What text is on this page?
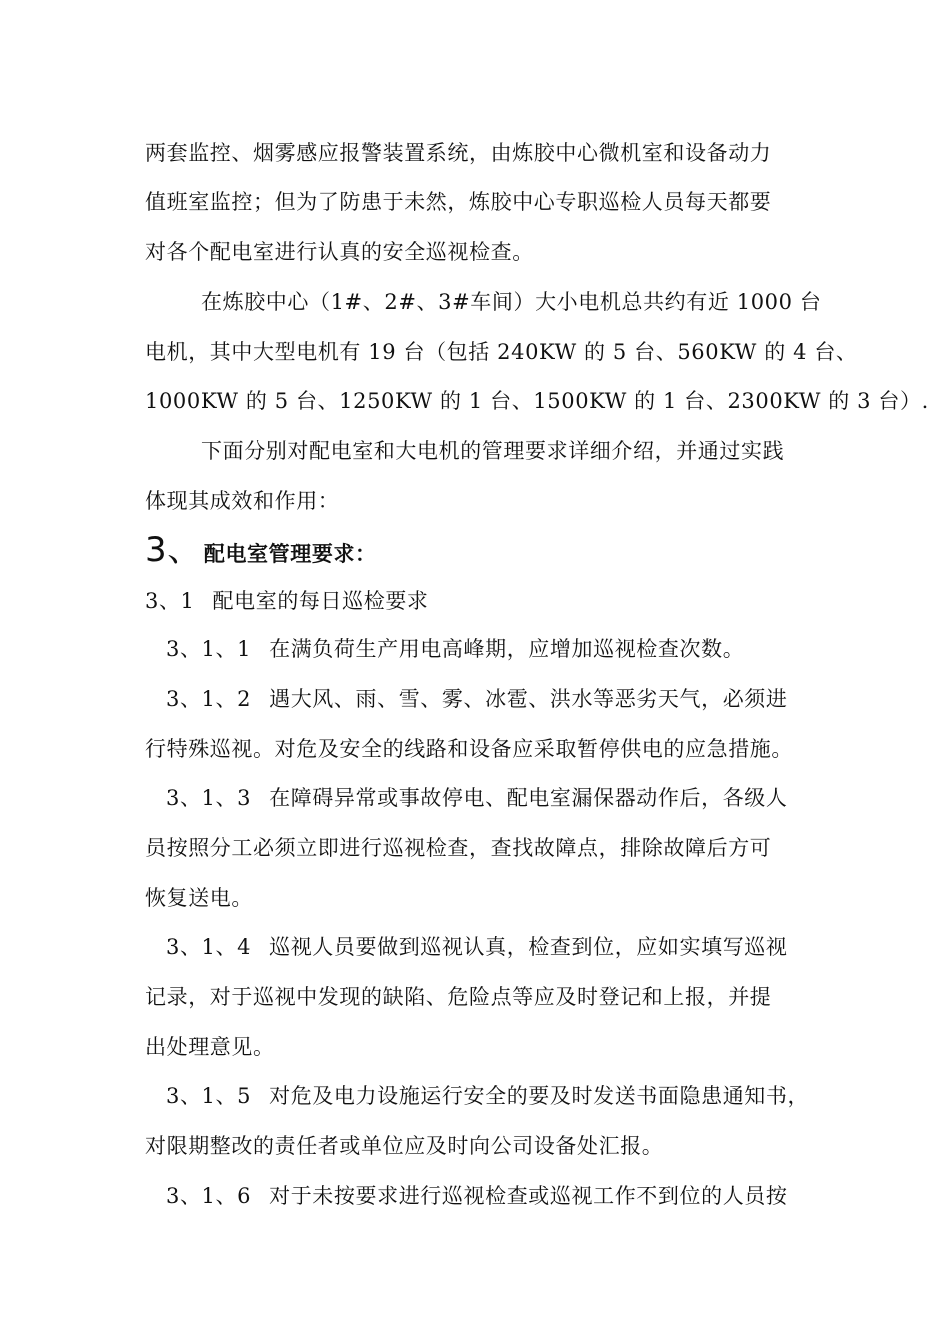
两套监控、烟雾感应报警装置系统，由炼胶中心微机室和设备动力
值班室监控；但为了防患于未然，炼胶中心专职巡检人员每天都要
对各个配电室进行认真的安全巡视检查。
在炼胶中心（1#、2#、3#车间）大小电机总共约有近 1000 台
电机，其中大型电机有 19 台（包括 240KW 的 5 台、560KW 的 4 台、
1000KW 的 5 台、1250KW 的 1 台、1500KW 的 1 台、2300KW 的 3 台）.
下面分别对配电室和大电机的管理要求详细介绍，并通过实践
体现其成效和作用：
3、配电室管理要求：
3、1 配电室的每日巡检要求
3、1、1 在满负荷生产用电高峰期，应增加巡视检查次数。
3、1、2 遇大风、雨、雪、雾、冰雹、洪水等恶劣天气，必须进
行特殊巡视。对危及安全的线路和设备应采取暂停供电的应急措施。
3、1、3 在障碍异常或事故停电、配电室漏保器动作后，各级人
员按照分工必须立即进行巡视检查，查找故障点，排除故障后方可
恢复送电。
3、1、4 巡视人员要做到巡视认真，检查到位，应如实填写巡视
记录，对于巡视中发现的缺陷、危险点等应及时登记和上报，并提
出处理意见。
3、1、5 对危及电力设施运行安全的要及时发送书面隐患通知书，
对限期整改的责任者或单位应及时向公司设备处汇报。
3、1、6 对于未按要求进行巡视检查或巡视工作不到位的人员按
